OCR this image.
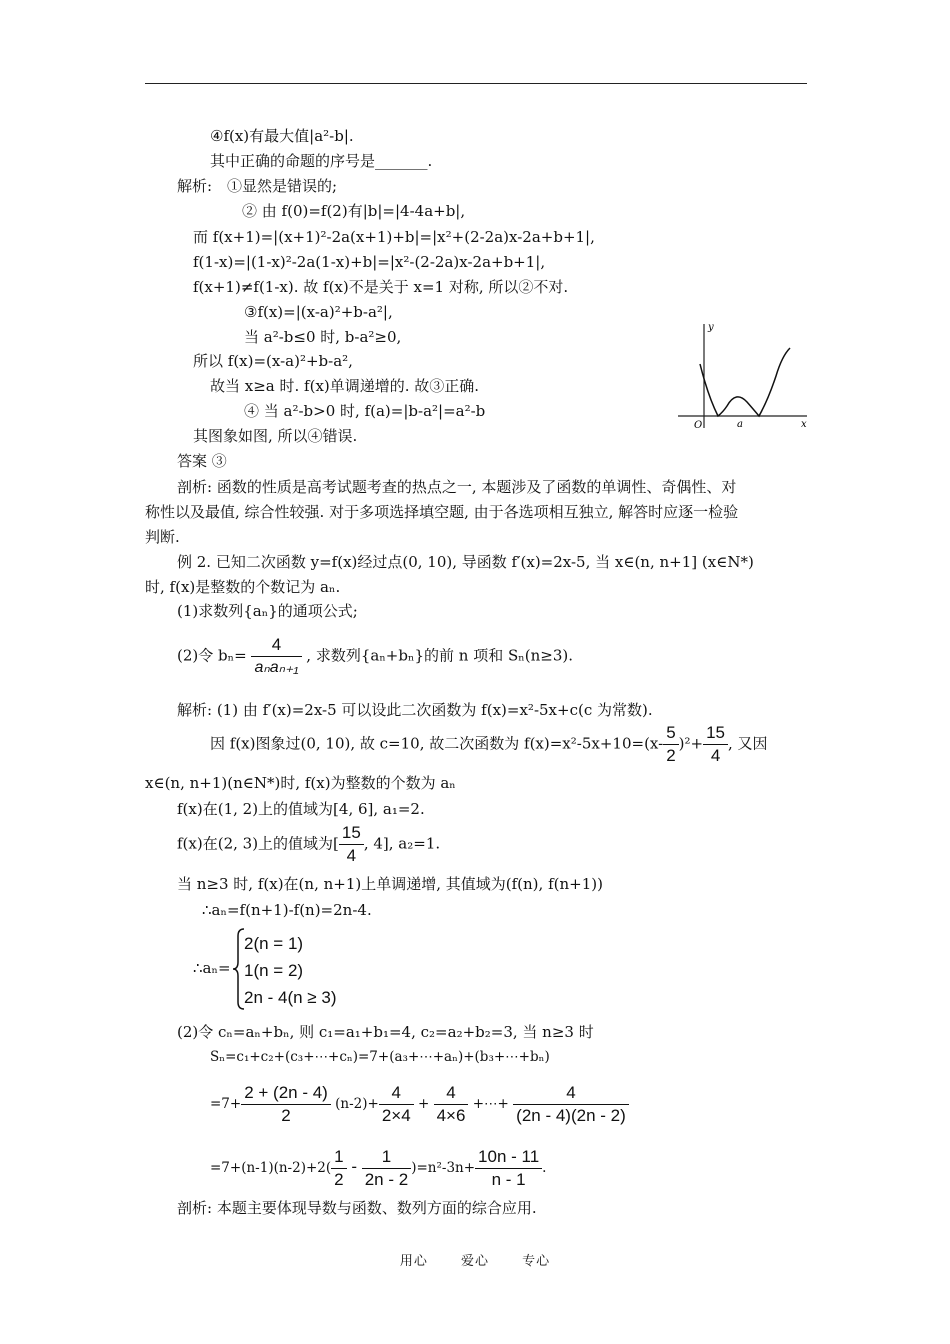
④f(x)有最大值|a²-b|.
其中正确的命题的序号是_______.
解析:　①显然是错误的;
② 由 f(0)=f(2)有|b|=|4-4a+b|,
而 f(x+1)=|(x+1)²-2a(x+1)+b|=|x²+(2-2a)x-2a+b+1|,
f(1-x)=|(1-x)²-2a(1-x)+b|=|x²-(2-2a)x-2a+b+1|,
f(x+1)≠f(1-x). 故 f(x)不是关于 x=1 对称, 所以②不对.
③f(x)=|(x-a)²+b-a²|,
当 a²-b≤0 时, b-a²≥0,
所以 f(x)=(x-a)²+b-a²,
故当 x≥a 时. f(x)单调递增的. 故③正确.
④ 当 a²-b>0 时, f(a)=|b-a²|=a²-b
其图象如图, 所以④错误.
答案 ③
剖析: 函数的性质是高考试题考查的热点之一, 本题涉及了函数的单调性、奇偶性、对
称性以及最值, 综合性较强. 对于多项选择填空题, 由于各选项相互独立, 解答时应逐一检验
判断.
例 2. 已知二次函数 y=f(x)经过点(0, 10), 导函数 f′(x)=2x-5, 当 x∈(n, n+1] (x∈N*)
时, f(x)是整数的个数记为 aₙ.
(1)求数列{aₙ}的通项公式;
(2)令 $b_n= \frac{4}{\text{aₙaₙ₊₁}}$ , 求数列{aₙ+bₙ}的前 n 项和 Sₙ(n≥3).
解析: (1) 由 f′(x)=2x-5 可以设此二次函数为 f(x)=x²-5x+c(c 为常数).
因 f(x)图象过(0, 10), 故 c=10, 故二次函数为 $f(x)=x^2-5x+10=(x- \frac{5}{2} )^2+ \frac{15}{4}$ , 又因
x∈(n, n+1)(n∈N*)时, f(x)为整数的个数为 aₙ
f(x)在(1, 2)上的值域为[4, 6], a₁=2.
f(x)在(2, 3)上的值域为[ $\frac{15}{4}$ , 4], a₂=1.
当 n≥3 时, f(x)在(n, n+1)上单调递增, 其值域为(f(n), f(n+1))
∴aₙ=f(n+1)-f(n)=2n-4.
∴aₙ=
2(n = 1)
1(n = 2)
2n - 4(n ≥ 3)
(2)令 cₙ=aₙ+bₙ, 则 c₁=a₁+b₁=4, c₂=a₂+b₂=3, 当 n≥3 时
Sₙ=c₁+c₂+(c₃+⋯+cₙ)=7+(a₃+⋯+aₙ)+(b₃+⋯+bₙ)
$=7+ \frac{2 + (2n - 4)}{2} (n-2)+ \frac{4}{2\times 4} + \frac{4}{4\times 6}$ +⋯+ $\frac{4}{(2n - 4)(2n - 2)}$
$=7+(n-1)(n-2)+2( \frac{1}{2} - \frac{1}{2n - 2} )=n^2-3n+ \frac{10n - 11}{n - 1}$ .
剖析: 本题主要体现导数与函数、数列方面的综合应用.
y
x
O	a
用心	爱心	专心
